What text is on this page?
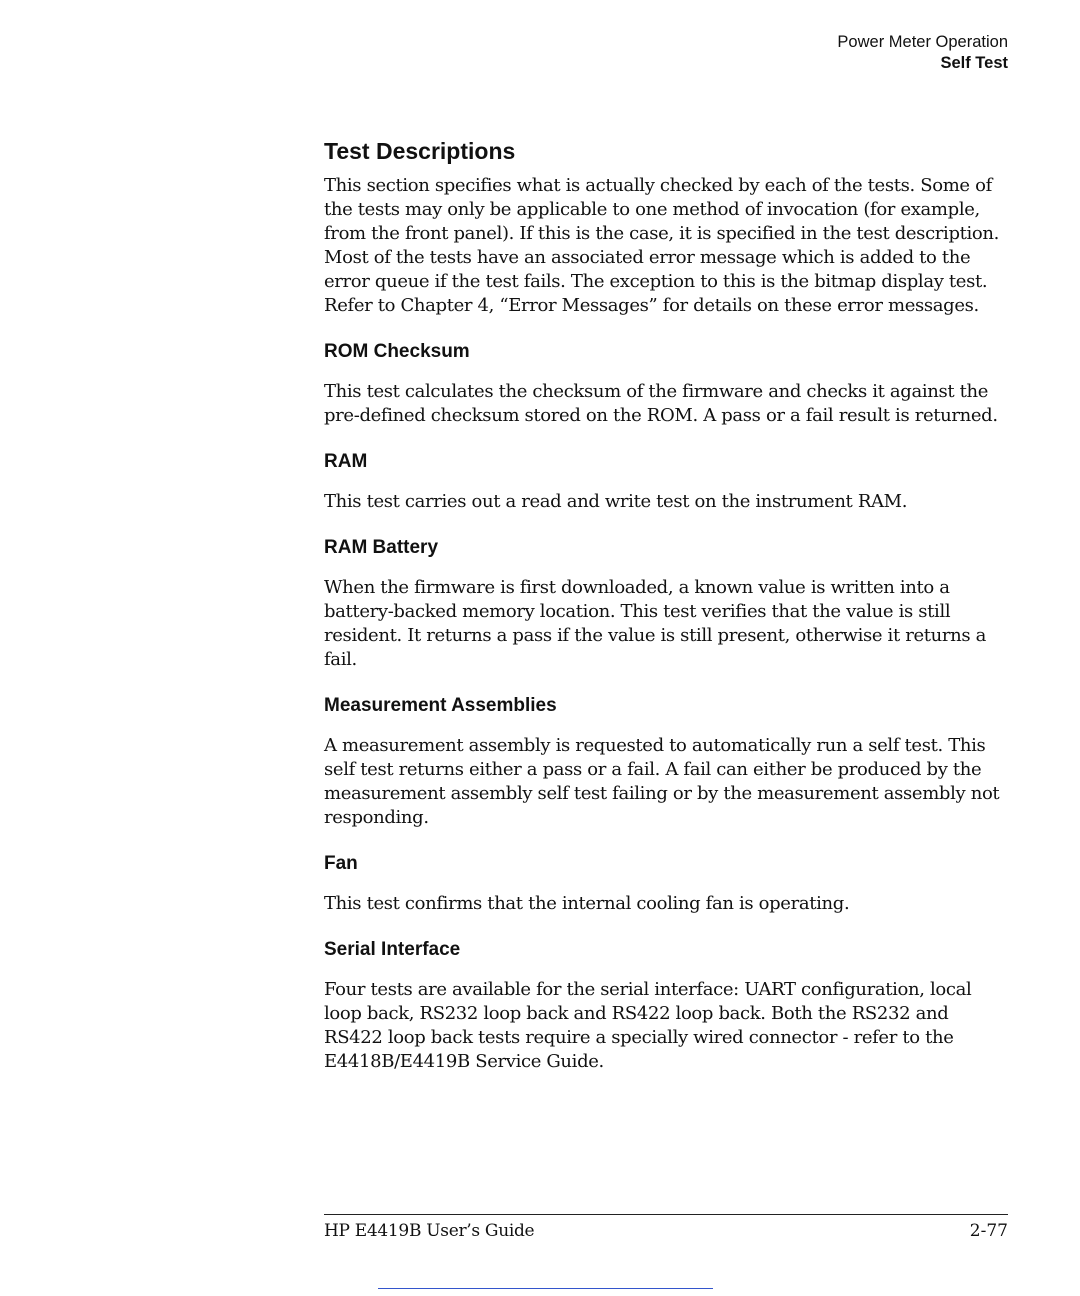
Power Meter Operation
Self Test
Test Descriptions

This section specifies what is actually checked by each of the tests. Some of the tests may only be applicable to one method of invocation (for example, from the front panel). If this is the case, it is specified in the test description. Most of the tests have an associated error message which is added to the error queue if the test fails. The exception to this is the bitmap display test. Refer to Chapter 4, “Error Messages” for details on these error messages.

ROM Checksum

This test calculates the checksum of the firmware and checks it against the pre-defined checksum stored on the ROM. A pass or a fail result is returned.

RAM

This test carries out a read and write test on the instrument RAM.

RAM Battery

When the firmware is first downloaded, a known value is written into a battery-backed memory location. This test verifies that the value is still resident. It returns a pass if the value is still present, otherwise it returns a fail.

Measurement Assemblies

A measurement assembly is requested to automatically run a self test. This self test returns either a pass or a fail. A fail can either be produced by the measurement assembly self test failing or by the measurement assembly not responding.

Fan

This test confirms that the internal cooling fan is operating.

Serial Interface

Four tests are available for the serial interface: UART configuration, local loop back, RS232 loop back and RS422 loop back. Both the RS232 and RS422 loop back tests require a specially wired connector - refer to the E4418B/E4419B Service Guide.

HP E4419B User’s Guide	2-77
